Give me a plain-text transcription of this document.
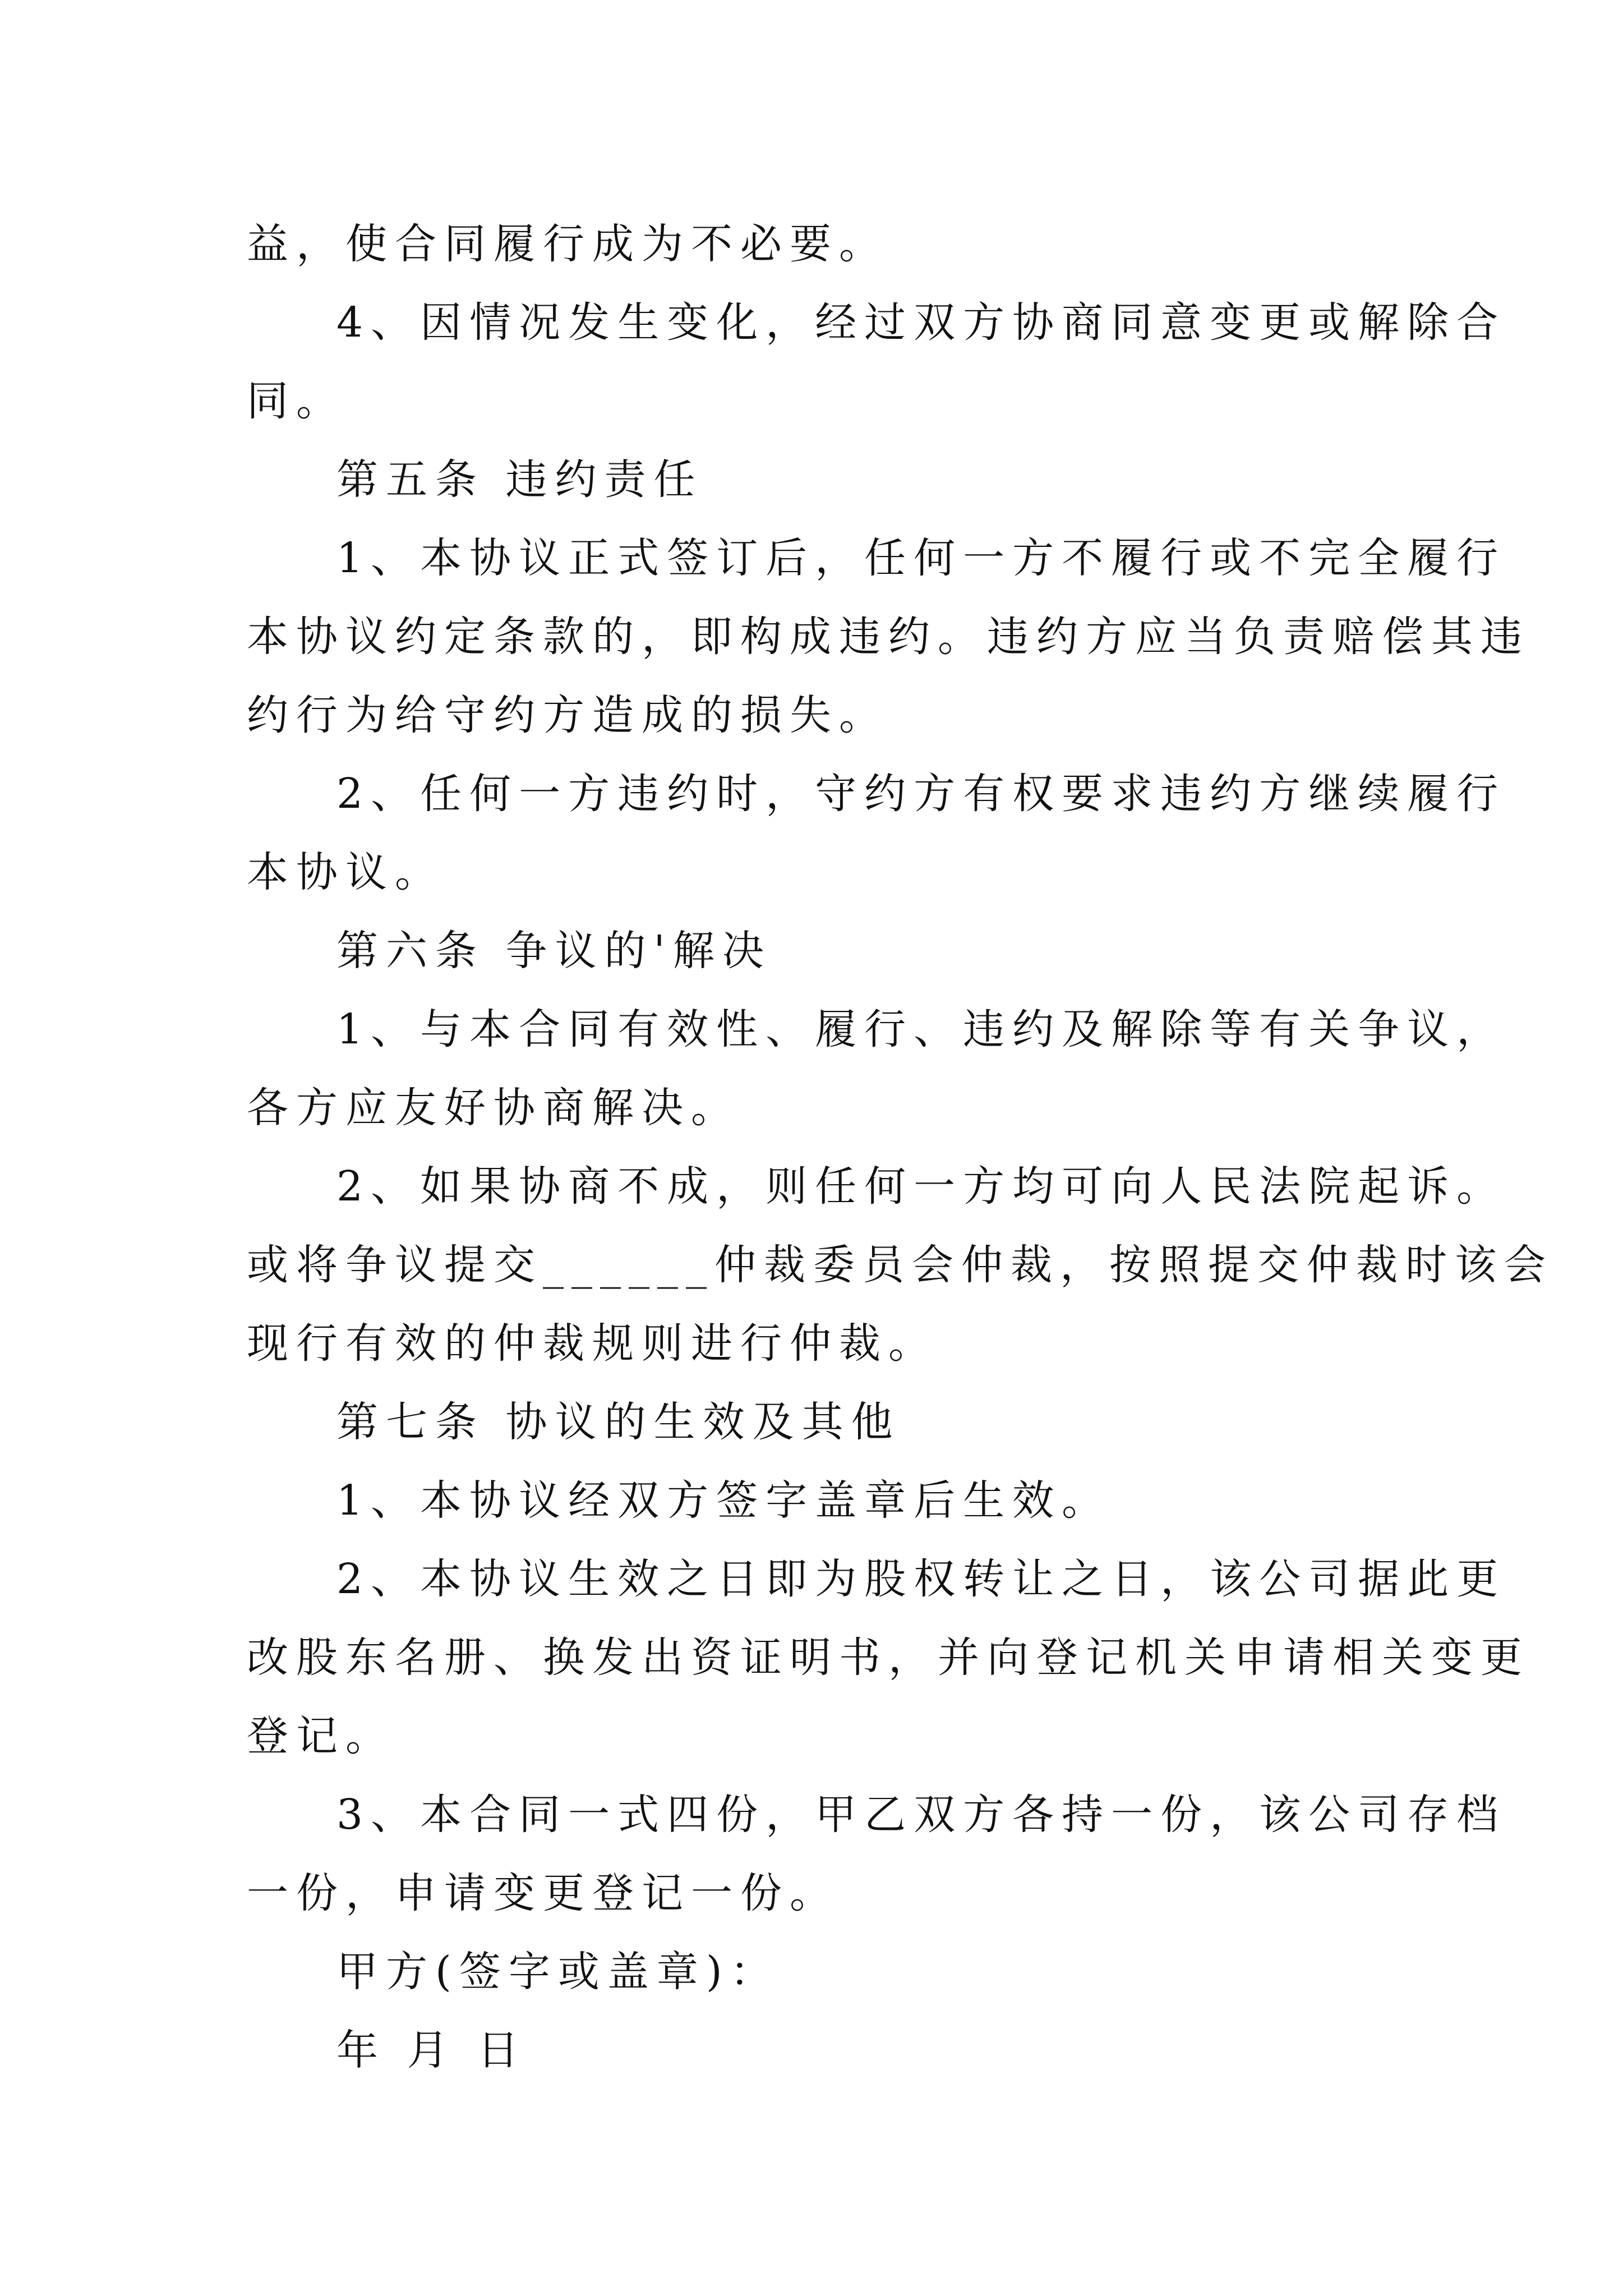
益，使合同履行成为不必要。
4、因情况发生变化，经过双方协商同意变更或解除合
同。
第五条 违约责任
1、本协议正式签订后，任何一方不履行或不完全履行
本协议约定条款的，即构成违约。违约方应当负责赔偿其违
约行为给守约方造成的损失。
2、任何一方违约时，守约方有权要求违约方继续履行
本协议。
第六条 争议的'解决
1、与本合同有效性、履行、违约及解除等有关争议，
各方应友好协商解决。
2、如果协商不成，则任何一方均可向人民法院起诉。
或将争议提交______仲裁委员会仲裁，按照提交仲裁时该会
现行有效的仲裁规则进行仲裁。
第七条 协议的生效及其他
1、本协议经双方签字盖章后生效。
2、本协议生效之日即为股权转让之日，该公司据此更
改股东名册、换发出资证明书，并向登记机关申请相关变更
登记。
3、本合同一式四份，甲乙双方各持一份，该公司存档
一份，申请变更登记一份。
甲方(签字或盖章)：
年 月 日
